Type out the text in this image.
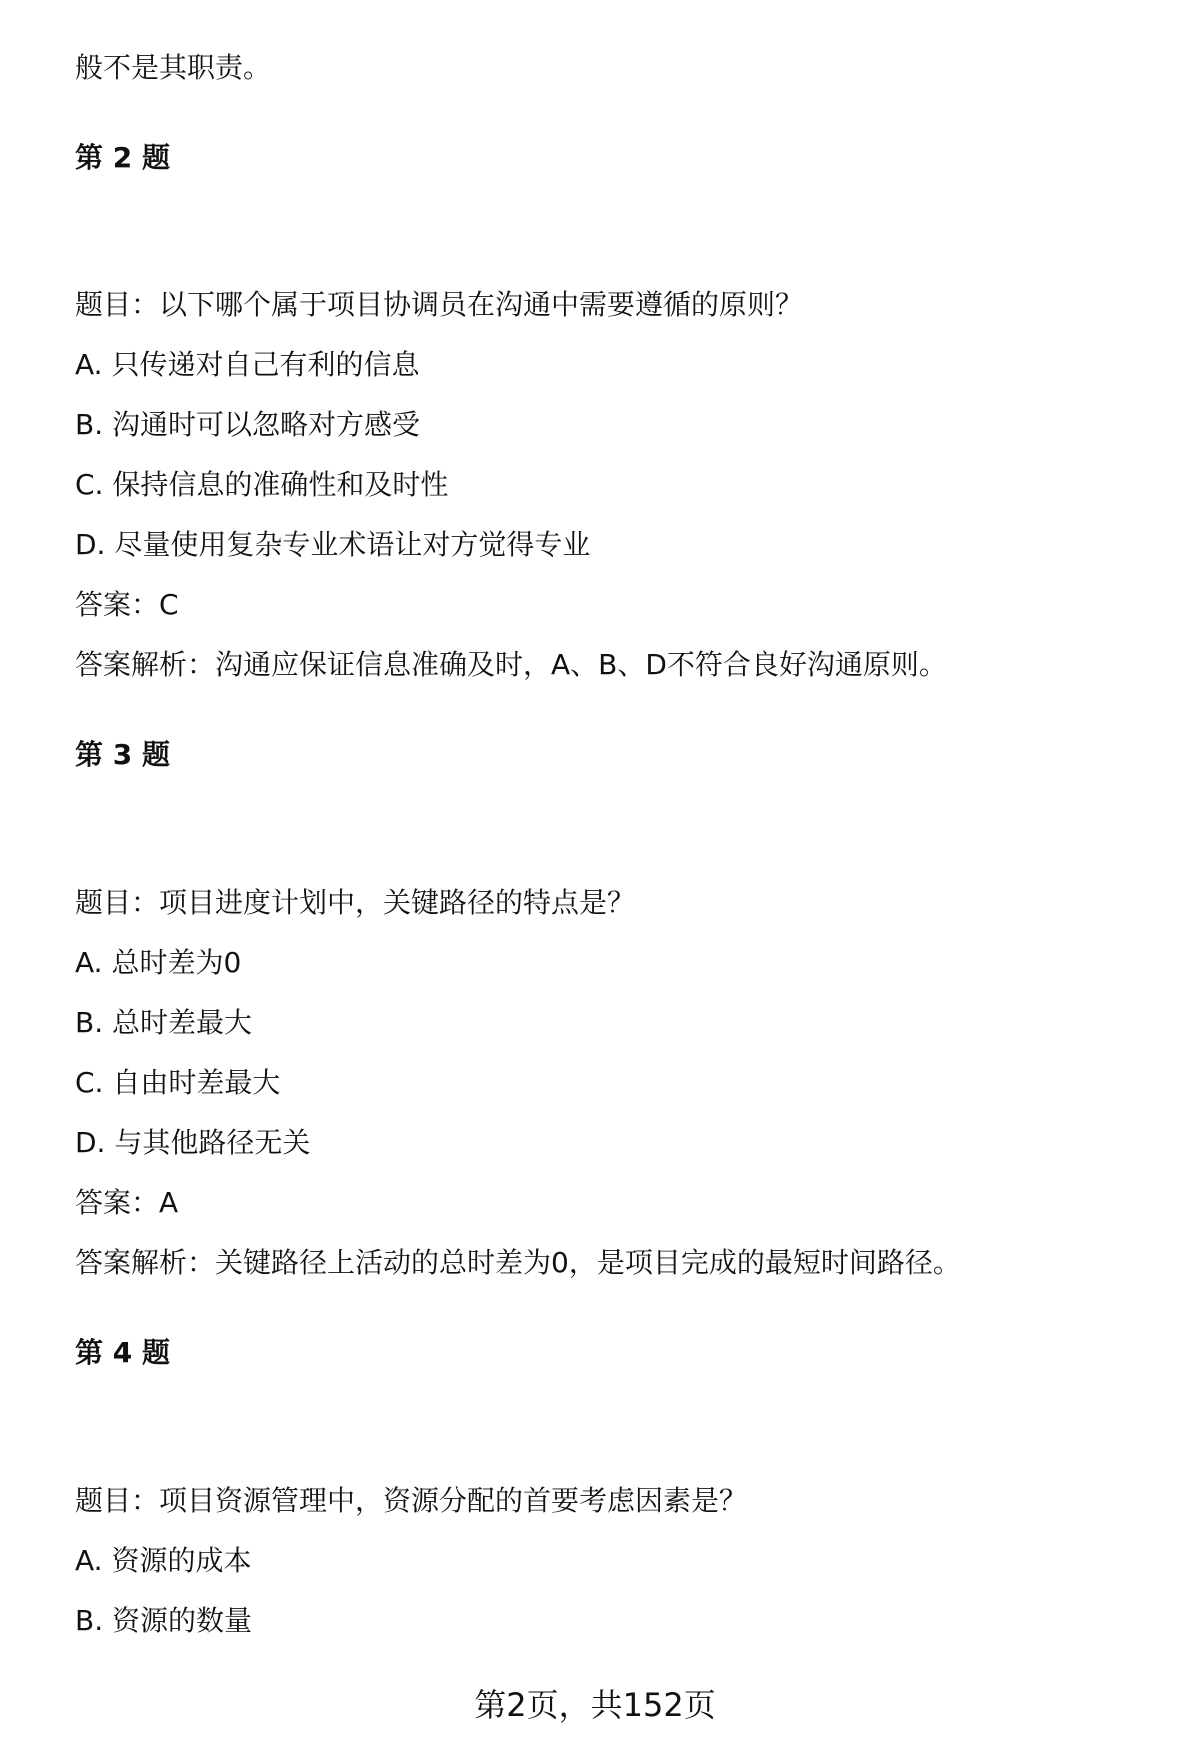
般不是其职责。

第 2 题

题目：以下哪个属于项目协调员在沟通中需要遵循的原则？

A. 只传递对自己有利的信息

B. 沟通时可以忽略对方感受

C. 保持信息的准确性和及时性

D. 尽量使用复杂专业术语让对方觉得专业

答案：C

答案解析：沟通应保证信息准确及时，A、B、D不符合良好沟通原则。

第 3 题

题目：项目进度计划中，关键路径的特点是？

A. 总时差为0

B. 总时差最大

C. 自由时差最大

D. 与其他路径无关

答案：A

答案解析：关键路径上活动的总时差为0，是项目完成的最短时间路径。

第 4 题

题目：项目资源管理中，资源分配的首要考虑因素是？

A. 资源的成本

B. 资源的数量

第2页，共152页
